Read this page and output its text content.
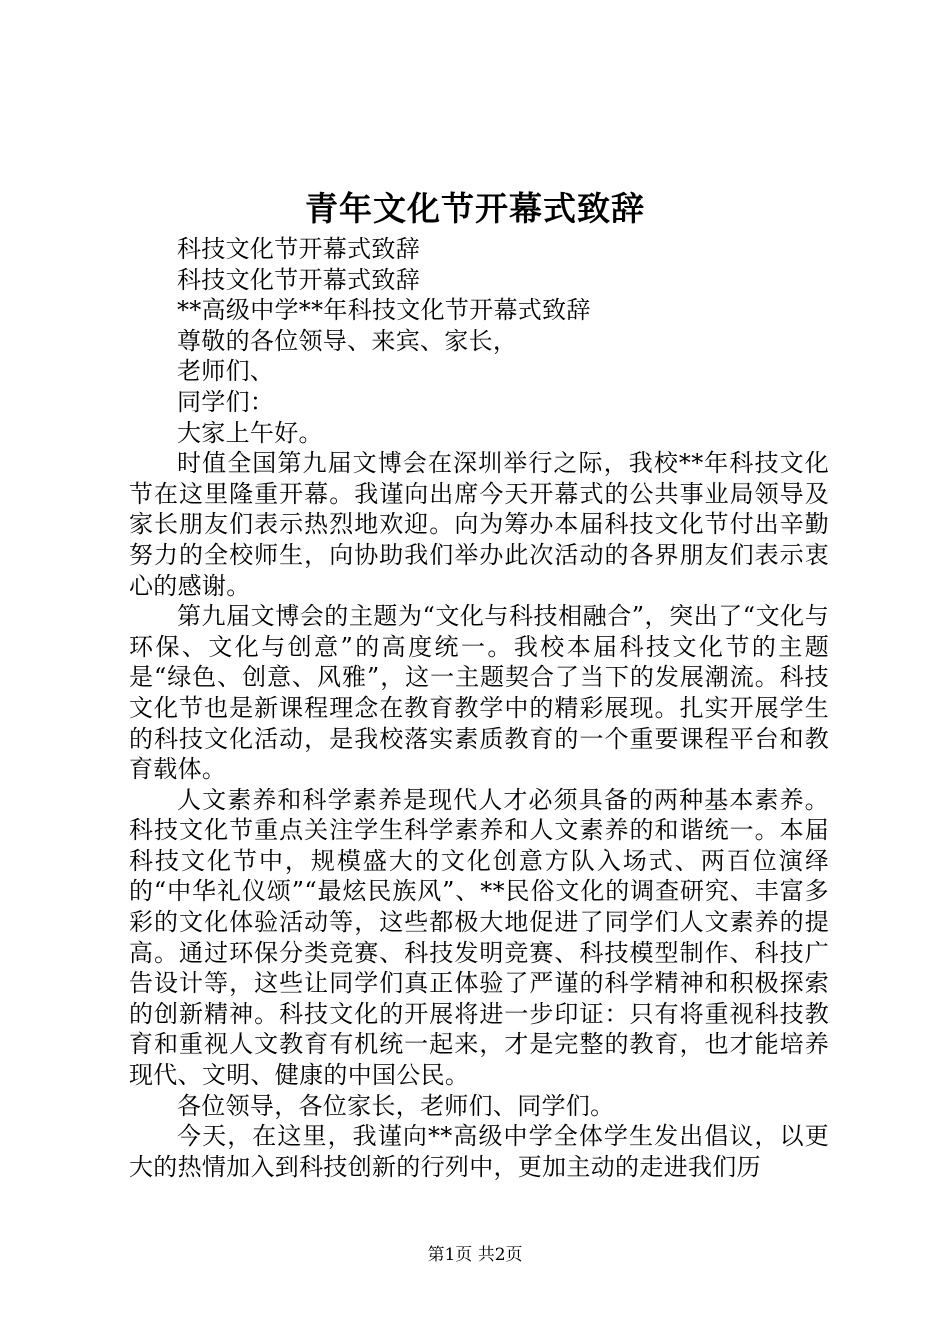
青年文化节开幕式致辞

科技文化节开幕式致辞

科技文化节开幕式致辞

**高级中学**年科技文化节开幕式致辞

尊敬的各位领导、来宾、家长，

老师们、

同学们：

大家上午好。

时值全国第九届文博会在深圳举行之际，我校**年科技文化节在这里隆重开幕。我谨向出席今天开幕式的公共事业局领导及家长朋友们表示热烈地欢迎。向为筹办本届科技文化节付出辛勤努力的全校师生，向协助我们举办此次活动的各界朋友们表示衷心的感谢。

第九届文博会的主题为“文化与科技相融合”，突出了“文化与环保、文化与创意”的高度统一。我校本届科技文化节的主题是“绿色、创意、风雅”，这一主题契合了当下的发展潮流。科技文化节也是新课程理念在教育教学中的精彩展现。扎实开展学生的科技文化活动，是我校落实素质教育的一个重要课程平台和教育载体。

人文素养和科学素养是现代人才必须具备的两种基本素养。科技文化节重点关注学生科学素养和人文素养的和谐统一。本届科技文化节中，规模盛大的文化创意方队入场式、两百位演绎的“中华礼仪颂”“最炫民族风”、**民俗文化的调查研究、丰富多彩的文化体验活动等，这些都极大地促进了同学们人文素养的提高。通过环保分类竞赛、科技发明竞赛、科技模型制作、科技广告设计等，这些让同学们真正体验了严谨的科学精神和积极探索的创新精神。科技文化的开展将进一步印证：只有将重视科技教育和重视人文教育有机统一起来，才是完整的教育，也才能培养现代、文明、健康的中国公民。

各位领导，各位家长，老师们、同学们。

今天，在这里，我谨向**高级中学全体学生发出倡议，以更大的热情加入到科技创新的行列中，更加主动的走进我们历

第1页 共2页
